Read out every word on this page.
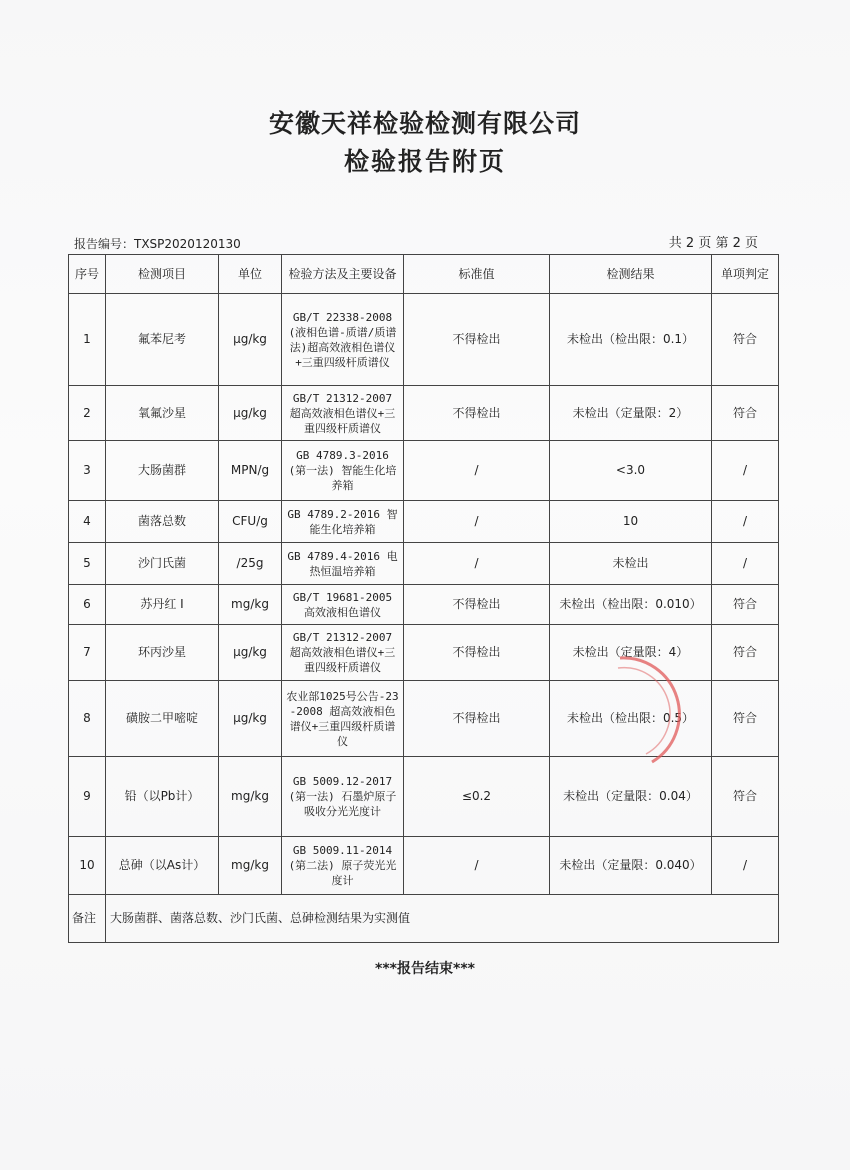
安徽天祥检验检测有限公司
检验报告附页
报告编号：TXSP2020120130	共 2 页 第 2 页
序号	检测项目	单位	检验方法及主要设备	标准值	检测结果	单项判定
1	氟苯尼考	μg/kg	GB/T 22338-2008(液相色谱-质谱/质谱法)超高效液相色谱仪+三重四级杆质谱仪	不得检出	未检出（检出限：0.1）	符合
2	氧氟沙星	μg/kg	GB/T 21312-2007 超高效液相色谱仪+三重四级杆质谱仪	不得检出	未检出（定量限：2）	符合
3	大肠菌群	MPN/g	GB 4789.3-2016 (第一法) 智能生化培养箱	/	<3.0	/
4	菌落总数	CFU/g	GB 4789.2-2016 智能生化培养箱	/	10	/
5	沙门氏菌	/25g	GB 4789.4-2016 电热恒温培养箱	/	未检出	/
6	苏丹红 I	mg/kg	GB/T 19681-2005 高效液相色谱仪	不得检出	未检出（检出限：0.010）	符合
7	环丙沙星	μg/kg	GB/T 21312-2007 超高效液相色谱仪+三重四级杆质谱仪	不得检出	未检出（定量限：4）	符合
8	磺胺二甲嘧啶	μg/kg	农业部1025号公告-23-2008 超高效液相色谱仪+三重四级杆质谱仪	不得检出	未检出（检出限：0.5）	符合
9	铅（以Pb计）	mg/kg	GB 5009.12-2017 (第一法) 石墨炉原子吸收分光光度计	≤0.2	未检出（定量限：0.04）	符合
10	总砷（以As计）	mg/kg	GB 5009.11-2014 (第二法) 原子荧光光度计	/	未检出（定量限：0.040）	/
备注	大肠菌群、菌落总数、沙门氏菌、总砷检测结果为实测值					
***报告结束***
